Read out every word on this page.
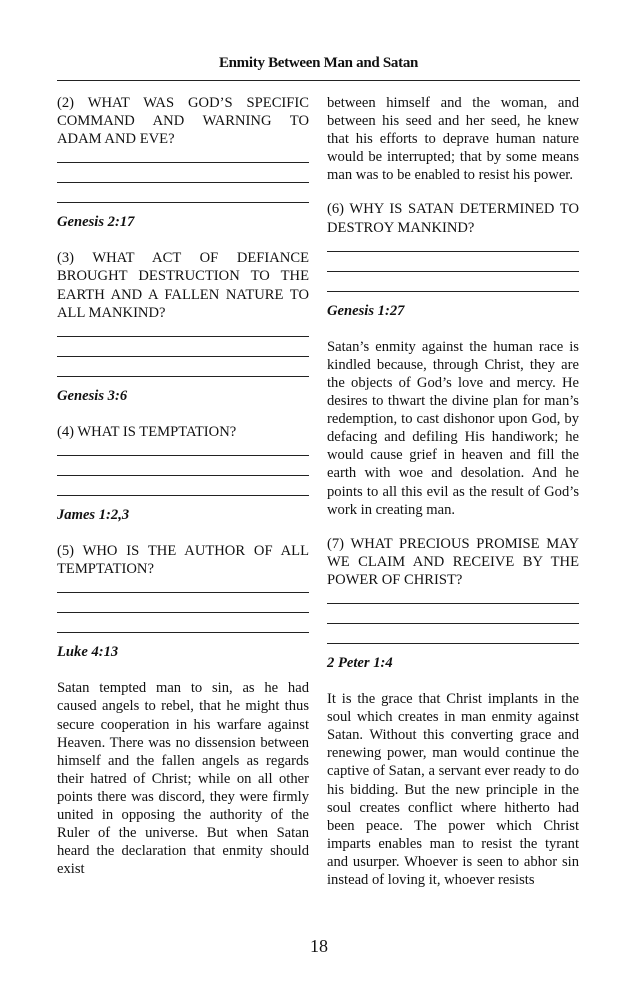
Enmity Between Man and Satan

(2) WHAT WAS GOD’S SPECIFIC COMMAND AND WARNING TO ADAM AND EVE?

Genesis 2:17

(3) WHAT ACT OF DEFIANCE BROUGHT DESTRUCTION TO THE EARTH AND A FALLEN NATURE TO ALL MANKIND?

Genesis 3:6

(4) WHAT IS TEMPTATION?

James 1:2,3

(5) WHO IS THE AUTHOR OF ALL TEMPTATION?

Luke 4:13

Satan tempted man to sin, as he had caused angels to rebel, that he might thus secure cooperation in his warfare against Heaven. There was no dissension between himself and the fallen angels as regards their hatred of Christ; while on all other points there was discord, they were firmly united in opposing the authority of the Ruler of the universe. But when Satan heard the declaration that enmity should exist

between himself and the woman, and between his seed and her seed, he knew that his efforts to deprave human nature would be interrupted; that by some means man was to be enabled to resist his power.

(6) WHY IS SATAN DETERMINED TO DESTROY MANKIND?

Genesis 1:27

Satan’s enmity against the human race is kindled because, through Christ, they are the objects of God’s love and mercy. He desires to thwart the divine plan for man’s redemption, to cast dishonor upon God, by defacing and defiling His handiwork; he would cause grief in heaven and fill the earth with woe and desolation. And he points to all this evil as the result of God’s work in creating man.

(7) WHAT PRECIOUS PROMISE MAY WE CLAIM AND RECEIVE BY THE POWER OF CHRIST?

2 Peter 1:4

It is the grace that Christ implants in the soul which creates in man enmity against Satan. Without this converting grace and renewing power, man would continue the captive of Satan, a servant ever ready to do his bidding. But the new principle in the soul creates conflict where hitherto had been peace. The power which Christ imparts enables man to resist the tyrant and usurper. Whoever is seen to abhor sin instead of loving it, whoever resists

18
